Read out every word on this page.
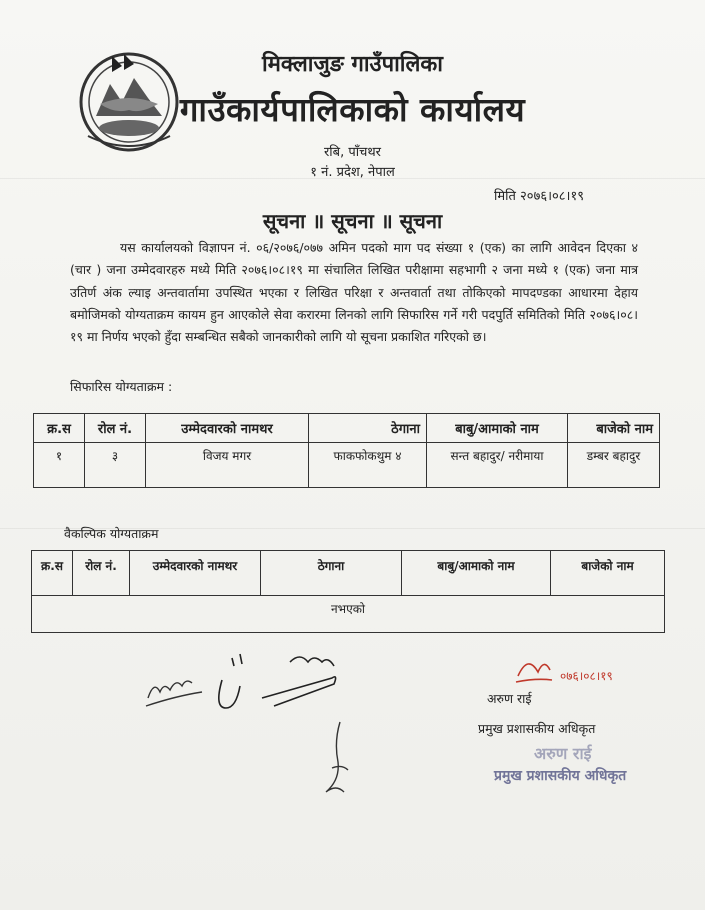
मिक्लाजुङ गाउँपालिका
गाउँकार्यपालिकाको कार्यालय
रबि, पाँचथर
१ नं. प्रदेश, नेपाल
मिति २०७६।०८।१९
सूचना ॥ सूचना ॥ सूचना
यस कार्यालयको विज्ञापन नं. ०६/२०७६/०७७ अमिन पदको माग पद संख्या १ (एक) का लागि आवेदन दिएका ४ (चार ) जना उम्मेदवारहरु मध्ये मिति २०७६।०८।१९ मा संचालित लिखित परीक्षामा सहभागी २ जना मध्ये १ (एक) जना मात्र उतिर्ण अंक ल्याइ अन्तवार्तामा उपस्थित भएका र लिखित परिक्षा र अन्तवार्ता तथा तोकिएको मापदण्डका आधारमा देहाय बमोजिमको योग्यताक्रम कायम हुन आएकोले सेवा करारमा लिनको लागि सिफारिस गर्ने गरी पदपुर्ति समितिको मिति २०७६।०८।१९ मा निर्णय भएको हुँदा सम्बन्धित सबैको जानकारीको लागि यो सूचना प्रकाशित गरिएको छ।
सिफारिस योग्यताक्रम :
क्र.स	रोल नं.	उम्मेदवारको नामथर	ठेगाना	बाबु/आमाको नाम	बाजेको नाम
१	३	विजय मगर	फाकफोकथुम ४	सन्त बहादुर/ नरीमाया	डम्बर बहादुर
वैकल्पिक योग्यताक्रम
क्र.स	रोल नं.	उम्मेदवारको नामथर	ठेगाना	बाबु/आमाको नाम	बाजेको नाम
नभएको
०७६।०८।१९
अरुण राई
प्रमुख प्रशासकीय अधिकृत
अरुण राई
प्रमुख प्रशासकीय अधिकृत
